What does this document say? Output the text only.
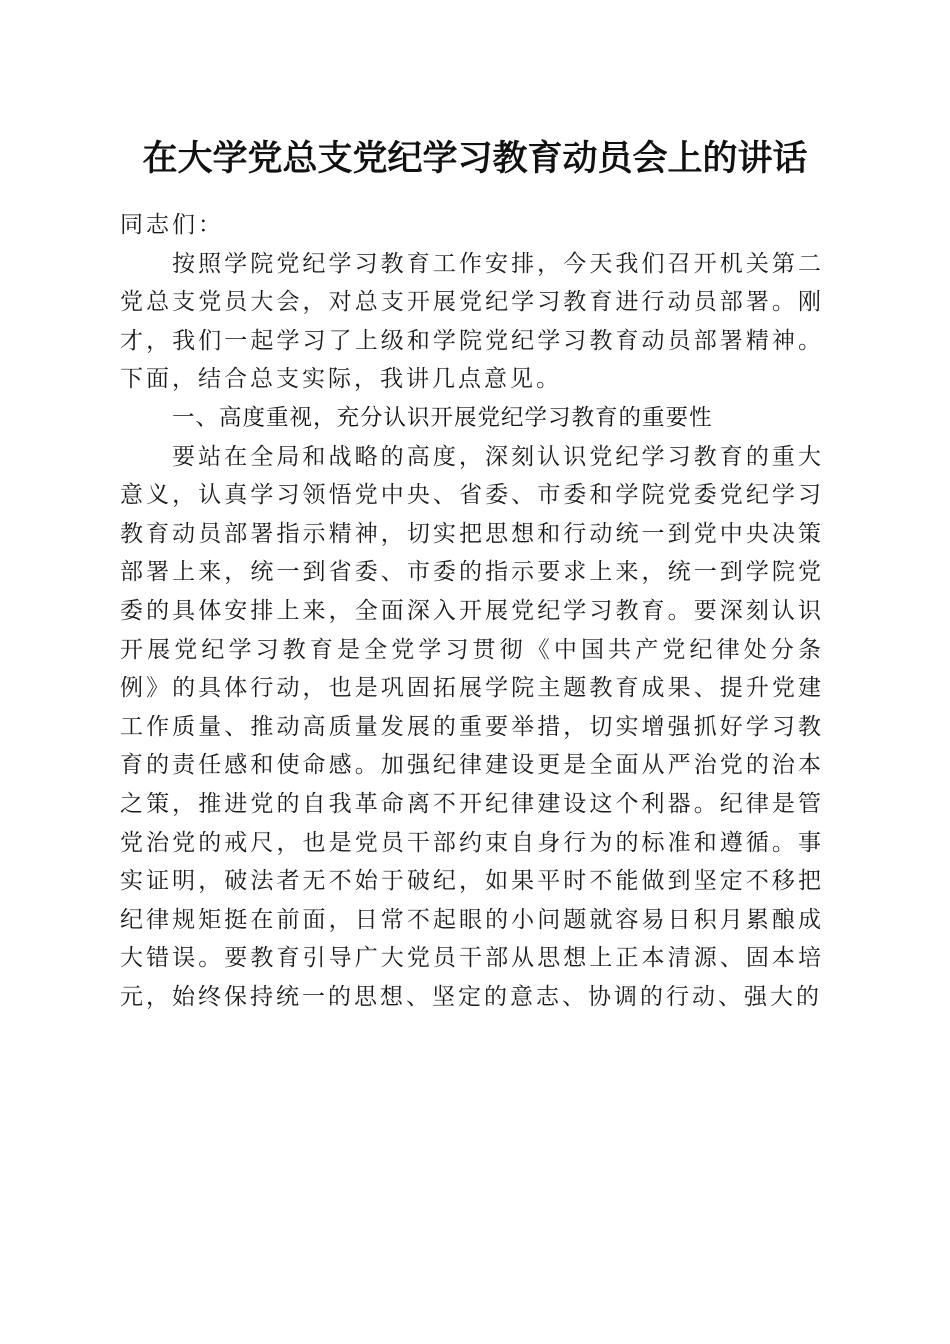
在大学党总支党纪学习教育动员会上的讲话

同志们：

按照学院党纪学习教育工作安排，今天我们召开机关第二党总支党员大会，对总支开展党纪学习教育进行动员部署。刚才，我们一起学习了上级和学院党纪学习教育动员部署精神。下面，结合总支实际，我讲几点意见。

一、高度重视，充分认识开展党纪学习教育的重要性

要站在全局和战略的高度，深刻认识党纪学习教育的重大意义，认真学习领悟党中央、省委、市委和学院党委党纪学习教育动员部署指示精神，切实把思想和行动统一到党中央决策部署上来，统一到省委、市委的指示要求上来，统一到学院党委的具体安排上来，全面深入开展党纪学习教育。要深刻认识开展党纪学习教育是全党学习贯彻《中国共产党纪律处分条例》的具体行动，也是巩固拓展学院主题教育成果、提升党建工作质量、推动高质量发展的重要举措，切实增强抓好学习教育的责任感和使命感。加强纪律建设更是全面从严治党的治本之策，推进党的自我革命离不开纪律建设这个利器。纪律是管党治党的戒尺，也是党员干部约束自身行为的标准和遵循。事实证明，破法者无不始于破纪，如果平时不能做到坚定不移把纪律规矩挺在前面，日常不起眼的小问题就容易日积月累酿成大错误。要教育引导广大党员干部从思想上正本清源、固本培元，始终保持统一的思想、坚定的意志、协调的行动、强大的
